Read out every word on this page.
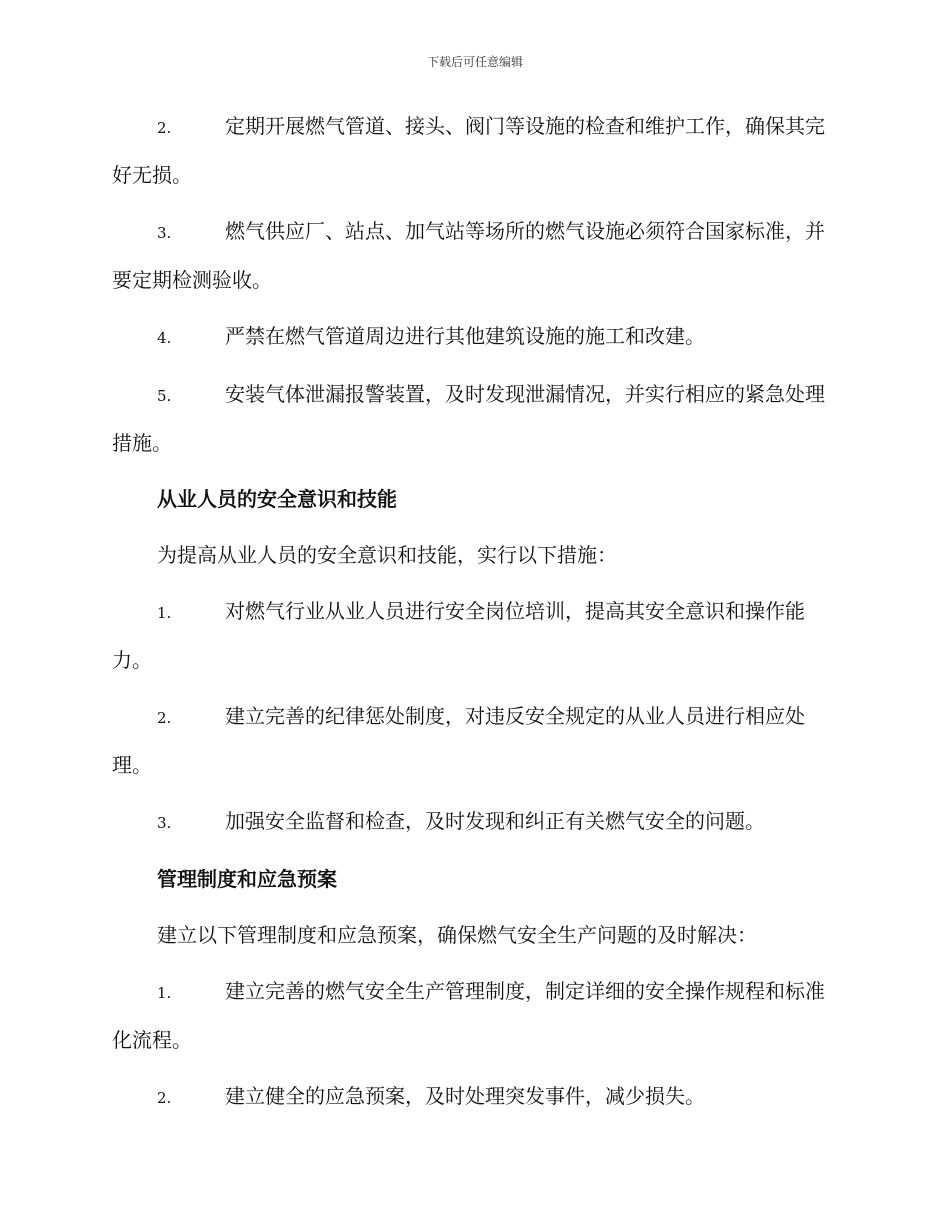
下载后可任意编辑
2.	定期开展燃气管道、接头、阀门等设施的检查和维护工作，确保其完好无损。
3.	燃气供应厂、站点、加气站等场所的燃气设施必须符合国家标准，并要定期检测验收。
4.	严禁在燃气管道周边进行其他建筑设施的施工和改建。
5.	安装气体泄漏报警装置，及时发现泄漏情况，并实行相应的紧急处理措施。
从业人员的安全意识和技能
为提高从业人员的安全意识和技能，实行以下措施：
1.	对燃气行业从业人员进行安全岗位培训，提高其安全意识和操作能力。
2.	建立完善的纪律惩处制度，对违反安全规定的从业人员进行相应处理。
3.	加强安全监督和检查，及时发现和纠正有关燃气安全的问题。
管理制度和应急预案
建立以下管理制度和应急预案，确保燃气安全生产问题的及时解决：
1.	建立完善的燃气安全生产管理制度，制定详细的安全操作规程和标准化流程。
2.	建立健全的应急预案，及时处理突发事件，减少损失。
